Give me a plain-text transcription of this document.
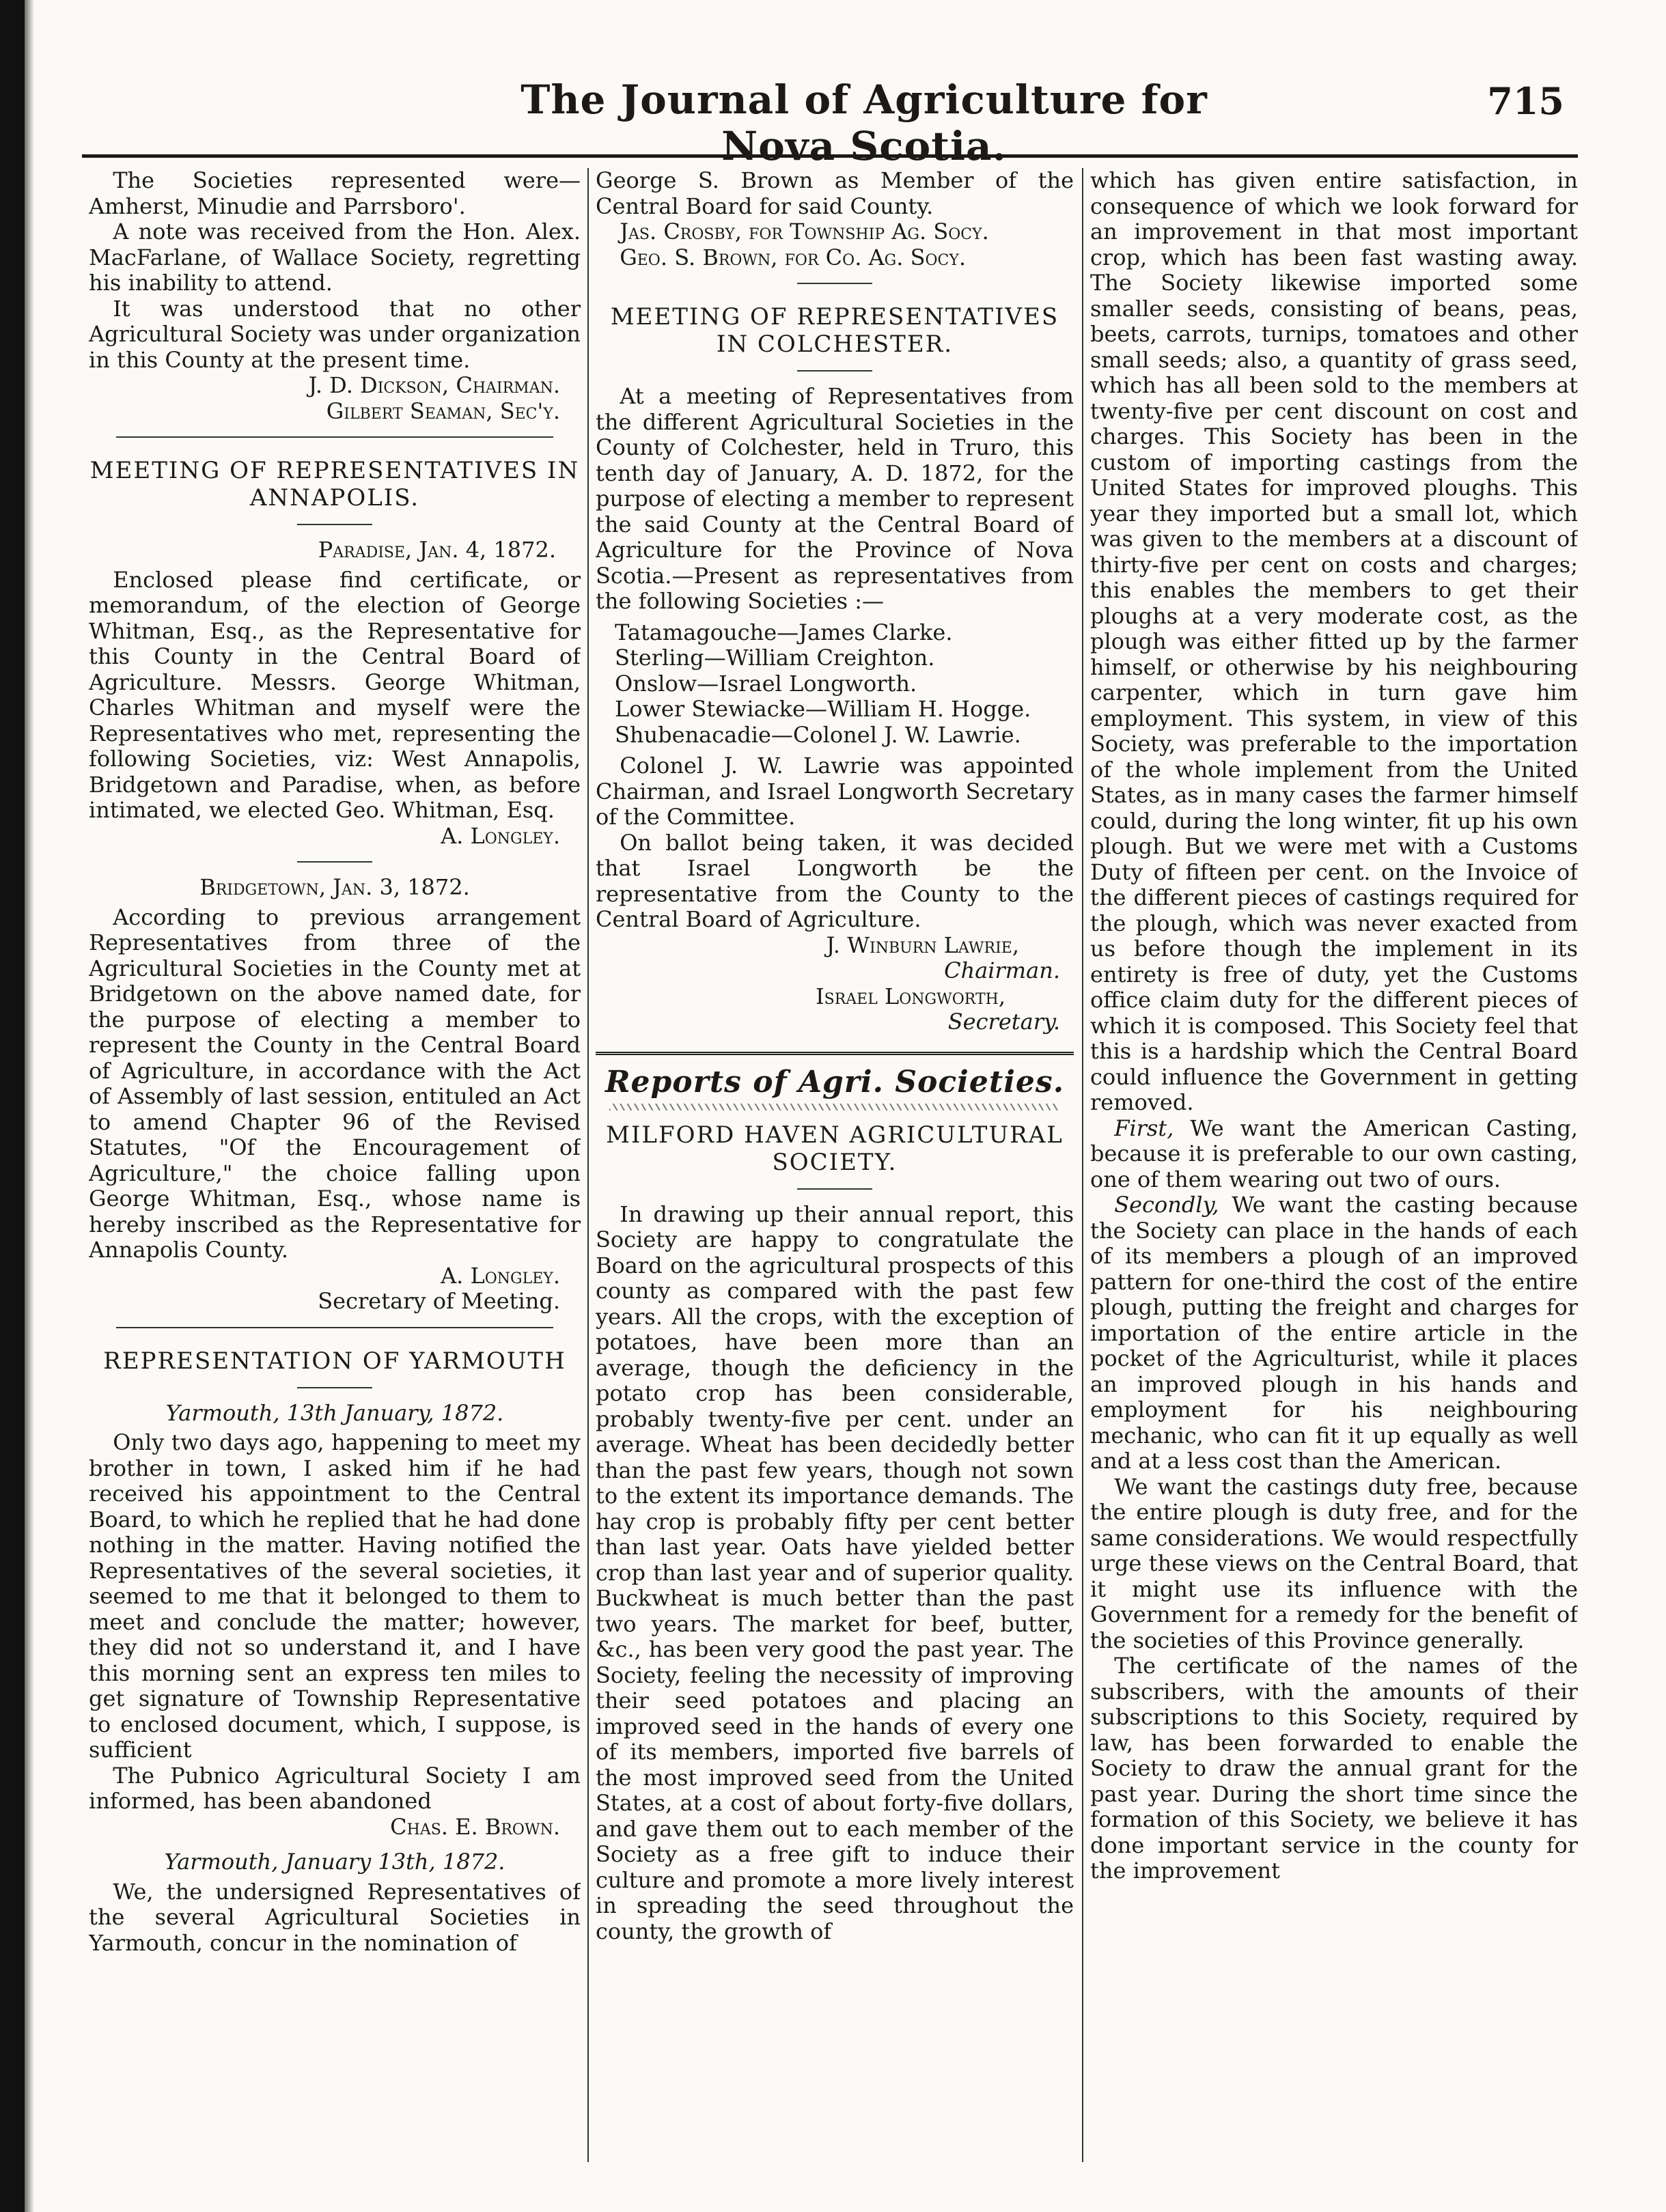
The Journal of Agriculture for Nova Scotia.
715

The Societies represented were—Amherst, Minudie and Parrsboro'.

A note was received from the Hon. Alex. MacFarlane, of Wallace Society, regretting his inability to attend.

It was understood that no other Agricultural Society was under organization in this County at the present time.

J. D. Dickson, Chairman.
Gilbert Seaman, Sec'y.
MEETING OF REPRESENTATIVES IN ANNAPOLIS.
Paradise, Jan. 4, 1872.

Enclosed please find certificate, or memorandum, of the election of George Whitman, Esq., as the Representative for this County in the Central Board of Agriculture. Messrs. George Whitman, Charles Whitman and myself were the Representatives who met, representing the following Societies, viz: West Annapolis, Bridgetown and Paradise, when, as before intimated, we elected Geo. Whitman, Esq.

A. Longley.
Bridgetown, Jan. 3, 1872.

According to previous arrangement Representatives from three of the Agricultural Societies in the County met at Bridgetown on the above named date, for the purpose of electing a member to represent the County in the Central Board of Agriculture, in accordance with the Act of Assembly of last session, entituled an Act to amend Chapter 96 of the Revised Statutes, "Of the Encouragement of Agriculture," the choice falling upon George Whitman, Esq., whose name is hereby inscribed as the Representative for Annapolis County.

A. Longley.
Secretary of Meeting.
REPRESENTATION OF YARMOUTH
Yarmouth, 13th January, 1872.

Only two days ago, happening to meet my brother in town, I asked him if he had received his appointment to the Central Board, to which he replied that he had done nothing in the matter. Having notified the Representatives of the several societies, it seemed to me that it belonged to them to meet and conclude the matter; however, they did not so understand it, and I have this morning sent an express ten miles to get signature of Township Representative to enclosed document, which, I suppose, is sufficient

The Pubnico Agricultural Society I am informed, has been abandoned

Chas. E. Brown.
Yarmouth, January 13th, 1872.

We, the undersigned Representatives of the several Agricultural Societies in Yarmouth, concur in the nomination of

George S. Brown as Member of the Central Board for said County.

Jas. Crosby, for Township Ag. Socy.

Geo. S. Brown, for Co. Ag. Socy.

MEETING OF REPRESENTATIVES IN COLCHESTER.

At a meeting of Representatives from the different Agricultural Societies in the County of Colchester, held in Truro, this tenth day of January, A. D. 1872, for the purpose of electing a member to represent the said County at the Central Board of Agriculture for the Province of Nova Scotia.—Present as representatives from the following Societies :—

Tatamagouche—James Clarke.

Sterling—William Creighton.

Onslow—Israel Longworth.

Lower Stewiacke—William H. Hogge.

Shubenacadie—Colonel J. W. Lawrie.

Colonel J. W. Lawrie was appointed Chairman, and Israel Longworth Secretary of the Committee.

On ballot being taken, it was decided that Israel Longworth be the representative from the County to the Central Board of Agriculture.

J. Winburn Lawrie,
Chairman.
Israel Longworth,
Secretary.
Reports of Agri. Societies.
MILFORD HAVEN AGRICULTURAL SOCIETY.

In drawing up their annual report, this Society are happy to congratulate the Board on the agricultural prospects of this county as compared with the past few years. All the crops, with the exception of potatoes, have been more than an average, though the deficiency in the potato crop has been considerable, probably twenty-five per cent. under an average. Wheat has been decidedly better than the past few years, though not sown to the extent its importance demands. The hay crop is probably fifty per cent better than last year. Oats have yielded better crop than last year and of superior quality. Buckwheat is much better than the past two years. The market for beef, butter, &c., has been very good the past year. The Society, feeling the necessity of improving their seed potatoes and placing an improved seed in the hands of every one of its members, imported five barrels of the most improved seed from the United States, at a cost of about forty-five dollars, and gave them out to each member of the Society as a free gift to induce their culture and promote a more lively interest in spreading the seed throughout the county, the growth of

which has given entire satisfaction, in consequence of which we look forward for an improvement in that most important crop, which has been fast wasting away. The Society likewise imported some smaller seeds, consisting of beans, peas, beets, carrots, turnips, tomatoes and other small seeds; also, a quantity of grass seed, which has all been sold to the members at twenty-five per cent discount on cost and charges. This Society has been in the custom of importing castings from the United States for improved ploughs. This year they imported but a small lot, which was given to the members at a discount of thirty-five per cent on costs and charges; this enables the members to get their ploughs at a very moderate cost, as the plough was either fitted up by the farmer himself, or otherwise by his neighbouring carpenter, which in turn gave him employment. This system, in view of this Society, was preferable to the importation of the whole implement from the United States, as in many cases the farmer himself could, during the long winter, fit up his own plough. But we were met with a Customs Duty of fifteen per cent. on the Invoice of the different pieces of castings required for the plough, which was never exacted from us before though the implement in its entirety is free of duty, yet the Customs office claim duty for the different pieces of which it is composed. This Society feel that this is a hardship which the Central Board could influence the Government in getting removed.

First, We want the American Casting, because it is preferable to our own casting, one of them wearing out two of ours.

Secondly, We want the casting because the Society can place in the hands of each of its members a plough of an improved pattern for one-third the cost of the entire plough, putting the freight and charges for importation of the entire article in the pocket of the Agriculturist, while it places an improved plough in his hands and employment for his neighbouring mechanic, who can fit it up equally as well and at a less cost than the American.

We want the castings duty free, because the entire plough is duty free, and for the same considerations. We would respectfully urge these views on the Central Board, that it might use its influence with the Government for a remedy for the benefit of the societies of this Province generally.

The certificate of the names of the subscribers, with the amounts of their subscriptions to this Society, required by law, has been forwarded to enable the Society to draw the annual grant for the past year. During the short time since the formation of this Society, we believe it has done important service in the county for the improvement
